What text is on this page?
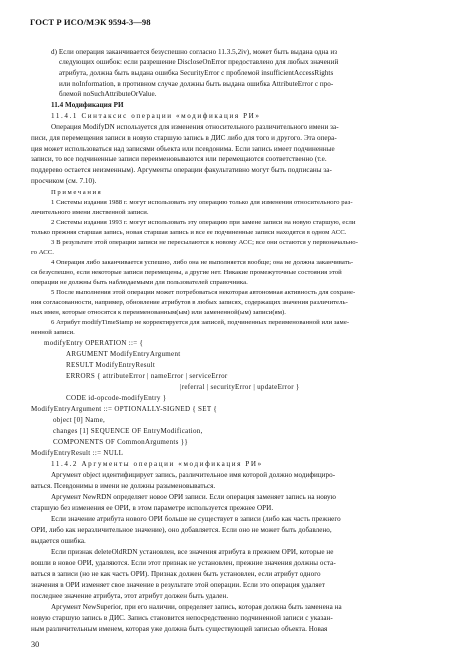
ГОСТ Р ИСО/МЭК 9594-3—98
d) Если операция заканчивается безуспешно согласно 11.3.5,2iv), может быть выдана одна из
следующих ошибок: если разрешение DiscloseOnError предоставлено для любых значений
атрибута, должна быть выдана ошибка SecurityError с проблемой insufficientAccessRights
или noInformation, в противном случае должны быть выдана ошибка AttributeError с про-
блемой noSuchAttributeOrValue.
11.4 Модификация РИ
11.4.1 Синтаксис операции «модификация РИ»
Операция ModifyDN используется для изменения относительного различительного имени за-
писи, для перемещения записи в новую старшую запись в ДИС либо для того и другого. Эта опера-
ция может использоваться над записями объекта или псевдонима. Если запись имеет подчиненные
записи, то все подчиненные записи переименовываются или перемещаются соответственно (т.е.
поддерево остается неизменным). Аргументы операции факультативно могут быть подписаны за-
просчиком (см. 7.10).
Примечания
1 Системы издания 1988 г. могут использовать эту операцию только для изменения относительного раз-
личительного имени лиственной записи.
2 Системы издания 1993 г. могут использовать эту операцию при замене записи на новую старшую, если
только прежняя старшая запись, новая старшая запись и все ее подчиненные записи находятся в одном АСС.
3 В результате этой операции записи не пересылаются к новому АСС; все они остаются у первоначально-
го АСС.
4 Операция либо заканчивается успешно, либо она не выполняется вообще; она не должна заканчивать-
ся безуспешно, если некоторые записи перемещены, а другие нет. Никакие промежуточные состояния этой
операции не должны быть наблюдаемыми для пользователей справочника.
5 После выполнения этой операции может потребоваться некоторая автономная активность для сохране-
ния согласованности, например, обновление атрибутов в любых записях, содержащих значения различитель-
ных имен, которые относятся к переименованным(ым) или замененной(ым) записи(ям).
6 Атрибут modifyTimeStamp не корректируется для записей, подчиненных переименованной или заме-
ненной записи.
modifyEntry OPERATION ::= {
ARGUMENT ModifyEntryArgument
RESULT ModifyEntryResult
ERRORS { attributeError | nameError | serviceError
|referral | securityError | updateError }
CODE id-opcode-modifyEntry }
ModifyEntryArgument ::= OPTIONALLY-SIGNED { SET {
object [0] Name,
changes [1] SEQUENCE OF EntryModification,
COMPONENTS OF CommonArguments }}
ModifyEntryResult ::= NULL
11.4.2 Аргументы операции «модификация РИ»
Аргумент object идентифицирует запись, различительное имя которой должно модифициро-
ваться. Псевдонимы в имени не должны разыменовываться.
Аргумент NewRDN определяет новое ОРИ записи. Если операция заменяет запись на новую
старшую без изменения ее ОРИ, в этом параметре используется прежнее ОРИ.
Если значение атрибута нового ОРИ больше не существует в записи (либо как часть прежнего
ОРИ, либо как неразличительное значение), оно добавляется. Если оно не может быть добавлено,
выдается ошибка.
Если признак deleteOldRDN установлен, все значения атрибута в прежнем ОРИ, которые не
вошли в новое ОРИ, удаляются. Если этот признак не установлен, прежние значения должны оста-
ваться в записи (но не как часть ОРИ). Признак должен быть установлен, если атрибут одного
значения в ОРИ изменяет свое значение в результате этой операции. Если это операция удаляет
последнее значение атрибута, этот атрибут должен быть удален.
Аргумент NewSuperior, при его наличии, определяет запись, которая должна быть заменена на
новую старшую запись в ДИС. Запись становится непосредственно подчиненной записи с указан-
ным различительным именем, которая уже должна быть существующей записью объекта. Новая
30
